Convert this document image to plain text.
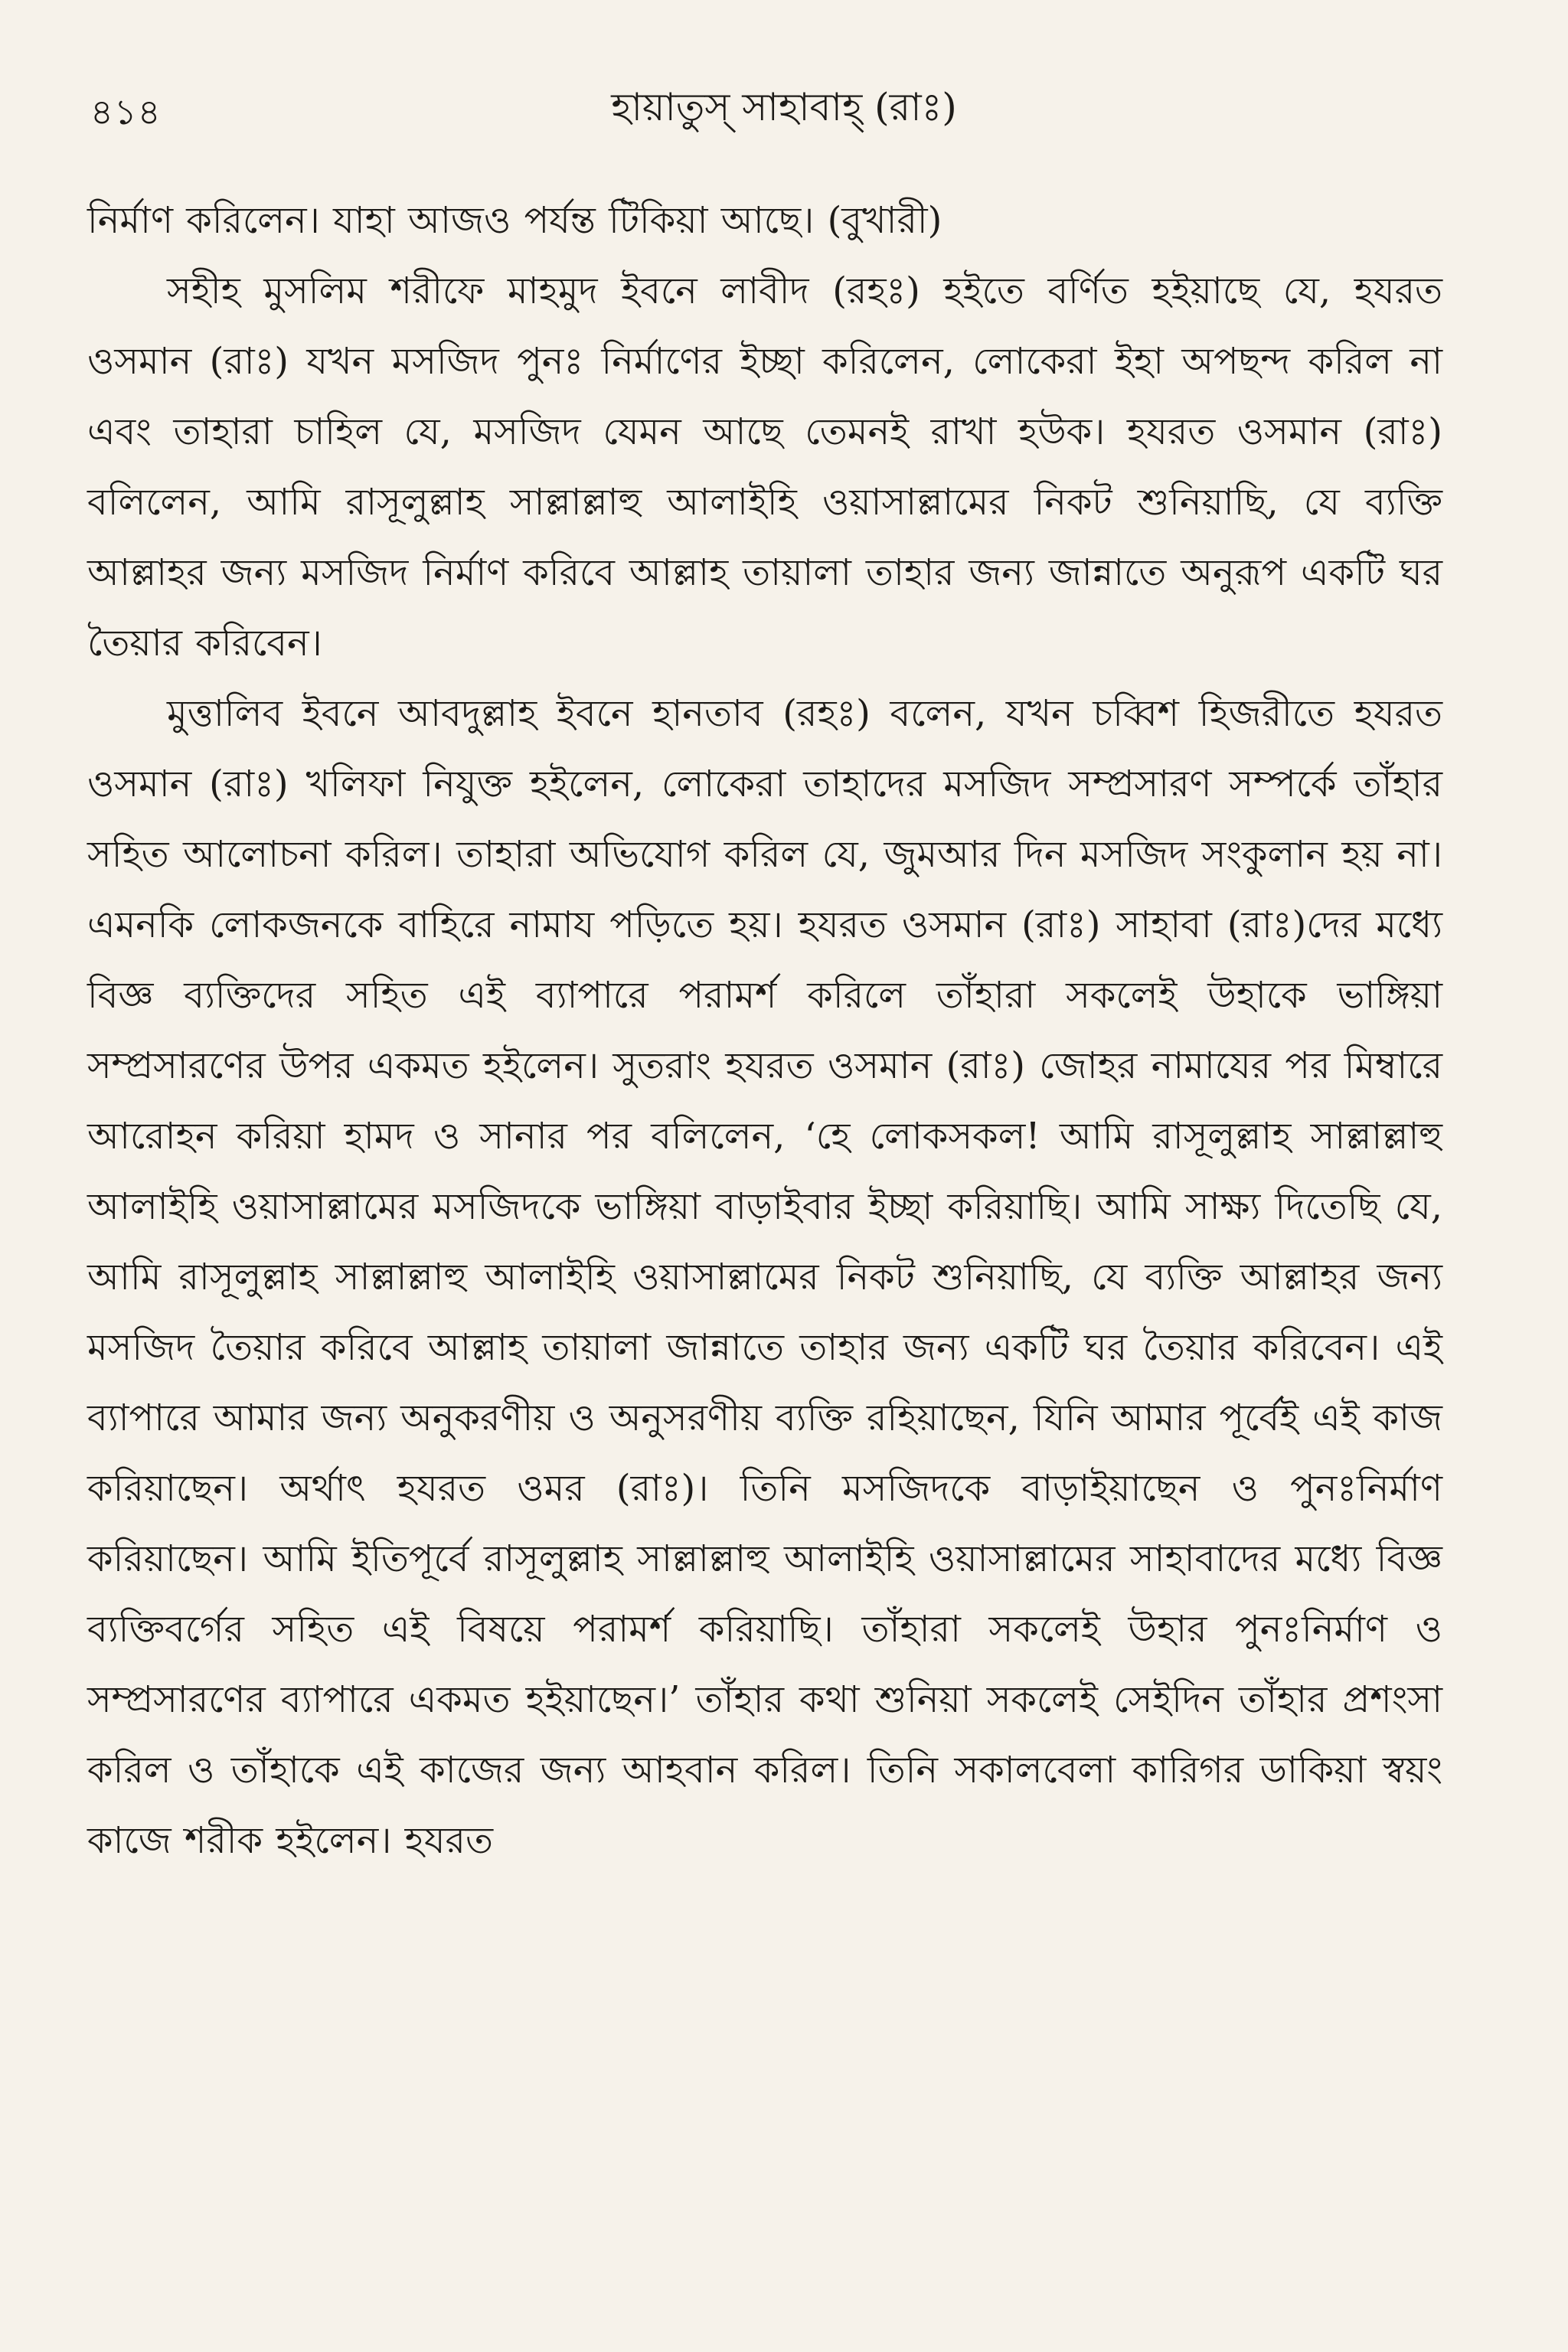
৪১৪	হায়াতুস্ সাহাবাহ্ (রাঃ)

নির্মাণ করিলেন। যাহা আজও পর্যন্ত টিকিয়া আছে। (বুখারী)

সহীহ মুসলিম শরীফে মাহমুদ ইবনে লাবীদ (রহঃ) হইতে বর্ণিত হইয়াছে যে, হযরত ওসমান (রাঃ) যখন মসজিদ পুনঃ নির্মাণের ইচ্ছা করিলেন, লোকেরা ইহা অপছন্দ করিল না এবং তাহারা চাহিল যে, মসজিদ যেমন আছে তেমনই রাখা হউক। হযরত ওসমান (রাঃ) বলিলেন, আমি রাসূলুল্লাহ সাল্লাল্লাহু আলাইহি ওয়াসাল্লামের নিকট শুনিয়াছি, যে ব্যক্তি আল্লাহর জন্য মসজিদ নির্মাণ করিবে আল্লাহ তায়ালা তাহার জন্য জান্নাতে অনুরূপ একটি ঘর তৈয়ার করিবেন।

মুত্তালিব ইবনে আবদুল্লাহ ইবনে হানতাব (রহঃ) বলেন, যখন চব্বিশ হিজরীতে হযরত ওসমান (রাঃ) খলিফা নিযুক্ত হইলেন, লোকেরা তাহাদের মসজিদ সম্প্রসারণ সম্পর্কে তাঁহার সহিত আলোচনা করিল। তাহারা অভিযোগ করিল যে, জুমআর দিন মসজিদ সংকুলান হয় না। এমনকি লোকজনকে বাহিরে নামায পড়িতে হয়। হযরত ওসমান (রাঃ) সাহাবা (রাঃ)দের মধ্যে বিজ্ঞ ব্যক্তিদের সহিত এই ব্যাপারে পরামর্শ করিলে তাঁহারা সকলেই উহাকে ভাঙ্গিয়া সম্প্রসারণের উপর একমত হইলেন। সুতরাং হযরত ওসমান (রাঃ) জোহর নামাযের পর মিম্বারে আরোহন করিয়া হামদ ও সানার পর বলিলেন, ‘হে লোকসকল! আমি রাসূলুল্লাহ সাল্লাল্লাহু আলাইহি ওয়াসাল্লামের মসজিদকে ভাঙ্গিয়া বাড়াইবার ইচ্ছা করিয়াছি। আমি সাক্ষ্য দিতেছি যে, আমি রাসূলুল্লাহ সাল্লাল্লাহু আলাইহি ওয়াসাল্লামের নিকট শুনিয়াছি, যে ব্যক্তি আল্লাহর জন্য মসজিদ তৈয়ার করিবে আল্লাহ তায়ালা জান্নাতে তাহার জন্য একটি ঘর তৈয়ার করিবেন। এই ব্যাপারে আমার জন্য অনুকরণীয় ও অনুসরণীয় ব্যক্তি রহিয়াছেন, যিনি আমার পূর্বেই এই কাজ করিয়াছেন। অর্থাৎ হযরত ওমর (রাঃ)। তিনি মসজিদকে বাড়াইয়াছেন ও পুনঃনির্মাণ করিয়াছেন। আমি ইতিপূর্বে রাসূলুল্লাহ সাল্লাল্লাহু আলাইহি ওয়াসাল্লামের সাহাবাদের মধ্যে বিজ্ঞ ব্যক্তিবর্গের সহিত এই বিষয়ে পরামর্শ করিয়াছি। তাঁহারা সকলেই উহার পুনঃনির্মাণ ও সম্প্রসারণের ব্যাপারে একমত হইয়াছেন।’ তাঁহার কথা শুনিয়া সকলেই সেইদিন তাঁহার প্রশংসা করিল ও তাঁহাকে এই কাজের জন্য আহবান করিল। তিনি সকালবেলা কারিগর ডাকিয়া স্বয়ং কাজে শরীক হইলেন। হযরত
